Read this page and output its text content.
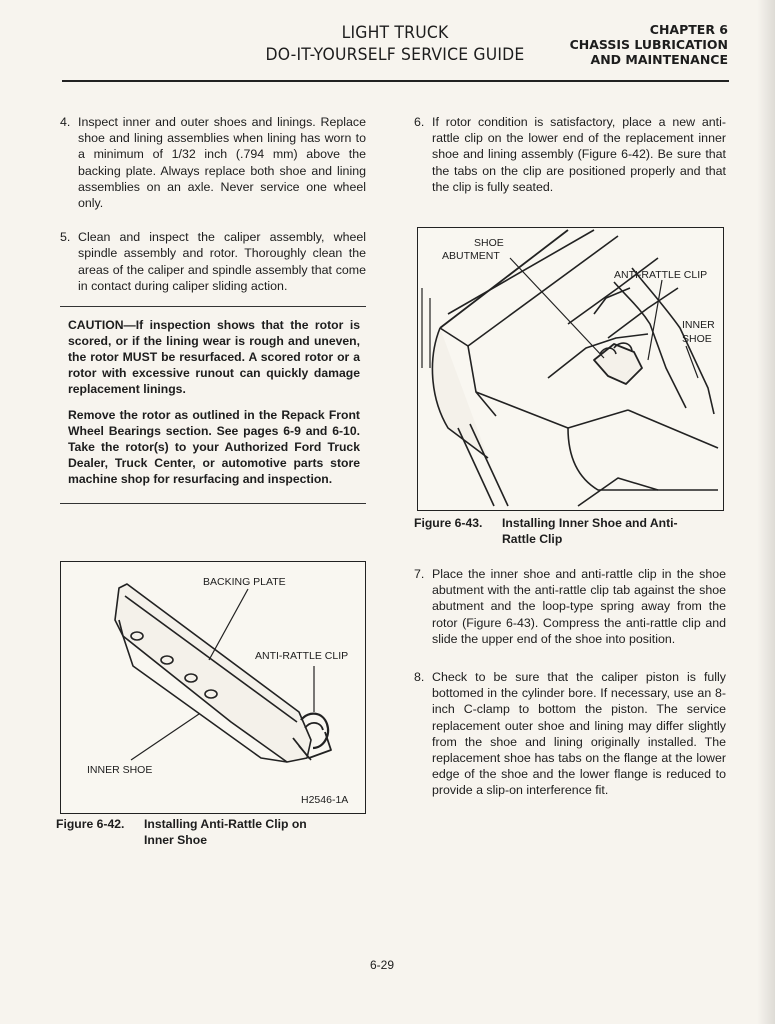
LIGHT TRUCK
DO-IT-YOURSELF SERVICE GUIDE
CHAPTER 6
CHASSIS LUBRICATION
AND MAINTENANCE
4. Inspect inner and outer shoes and linings. Replace shoe and lining assemblies when lining has worn to a minimum of 1/32 inch (.794 mm) above the backing plate. Always replace both shoe and lining assemblies on an axle. Never service one wheel only.
5. Clean and inspect the caliper assembly, wheel spindle assembly and rotor. Thoroughly clean the areas of the caliper and spindle assembly that come in contact during caliper sliding action.

CAUTION—If inspection shows that the rotor is scored, or if the lining wear is rough and uneven, the rotor MUST be resurfaced. A scored rotor or a rotor with excessive runout can quickly damage replacement linings.

Remove the rotor as outlined in the Repack Front Wheel Bearings section. See pages 6-9 and 6-10. Take the rotor(s) to your Authorized Ford Truck Dealer, Truck Center, or automotive parts store machine shop for resurfacing and inspection.

BACKING PLATE
ANTI-RATTLE CLIP
INNER SHOE
H2546-1A
Figure 6-42. Installing Anti-Rattle Clip on
Inner Shoe
6. If rotor condition is satisfactory, place a new anti-rattle clip on the lower end of the replacement inner shoe and lining assembly (Figure 6-42). Be sure that the tabs on the clip are positioned properly and that the clip is fully seated.
SHOE
ABUTMENT
ANTI-RATTLE CLIP
INNER
SHOE
Figure 6-43. Installing Inner Shoe and Anti-
Rattle Clip
7. Place the inner shoe and anti-rattle clip in the shoe abutment with the anti-rattle clip tab against the shoe abutment and the loop-type spring away from the rotor (Figure 6-43). Compress the anti-rattle clip and slide the upper end of the shoe into position.
8. Check to be sure that the caliper piston is fully bottomed in the cylinder bore. If necessary, use an 8-inch C-clamp to bottom the piston. The service replacement outer shoe and lining may differ slightly from the shoe and lining originally installed. The replacement shoe has tabs on the flange at the lower edge of the shoe and the lower flange is reduced to provide a slip-on interference fit.
6-29
